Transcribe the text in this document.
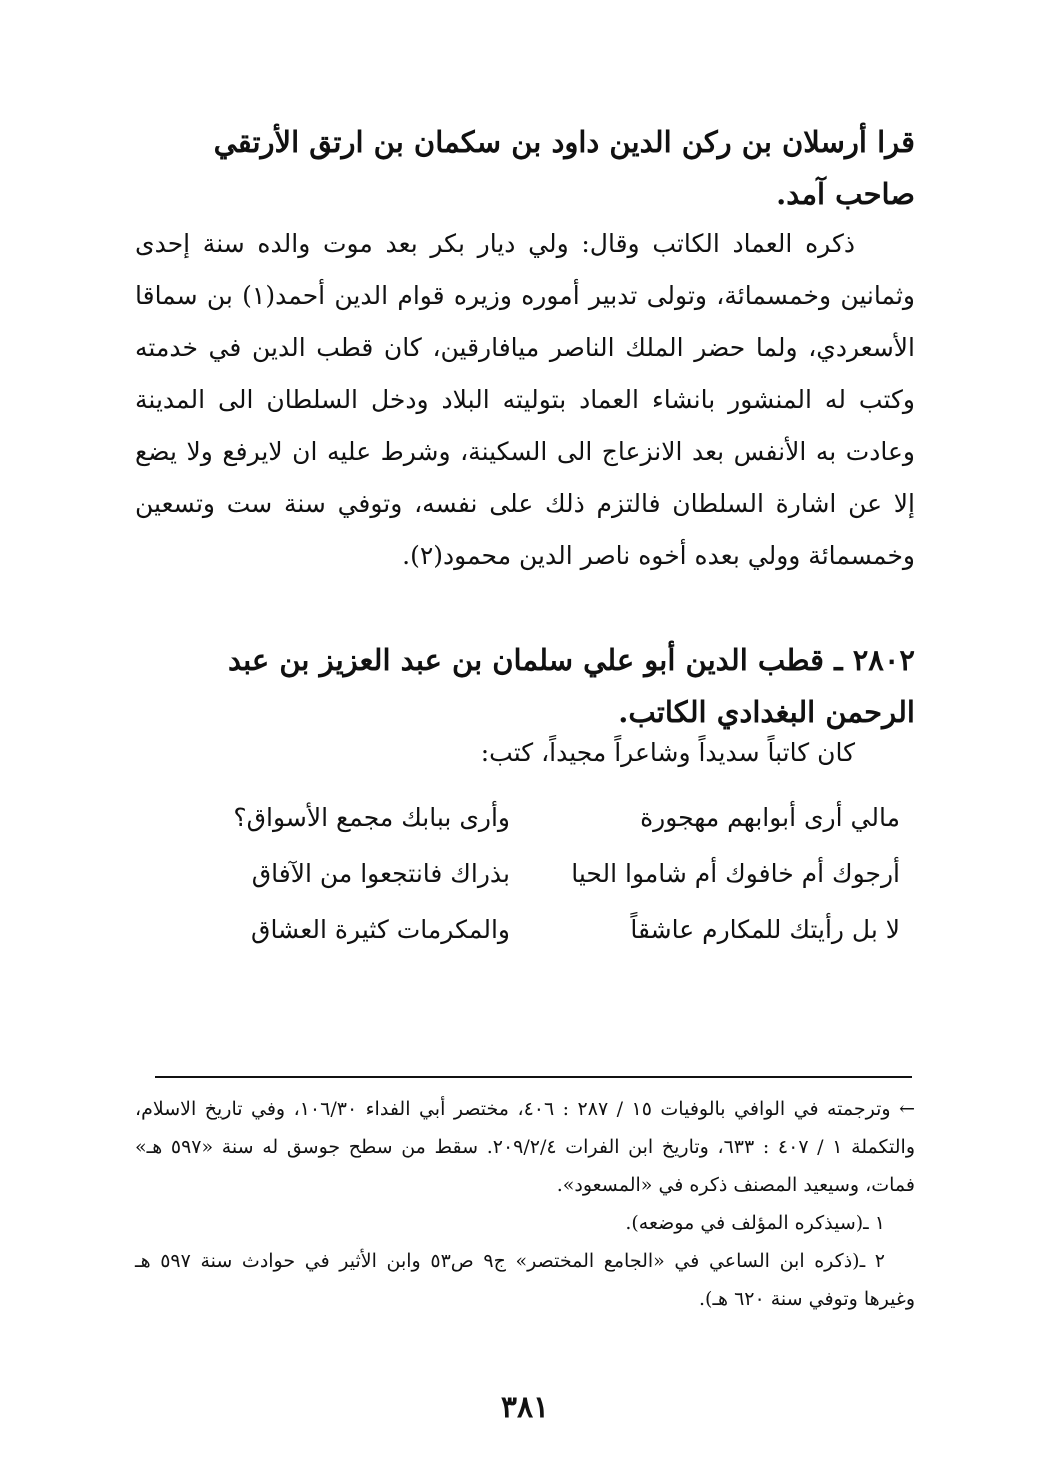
قرا أرسلان بن ركن الدين داود بن سكمان بن ارتق الأرتقي صاحب آمد.

ذكره العماد الكاتب وقال: ولي ديار بكر بعد موت والده سنة إحدى وثمانين وخمسمائة، وتولى تدبير أموره وزيره قوام الدين أحمد(١) بن سماقا الأسعردي، ولما حضر الملك الناصر ميافارقين، كان قطب الدين في خدمته وكتب له المنشور بانشاء العماد بتوليته البلاد ودخل السلطان الى المدينة وعادت به الأنفس بعد الانزعاج الى السكينة، وشرط عليه ان لايرفع ولا يضع إلا عن اشارة السلطان فالتزم ذلك على نفسه، وتوفي سنة ست وتسعين وخمسمائة وولي بعده أخوه ناصر الدين محمود(٢).

٢٨٠٢ ـ قطب الدين أبو علي سلمان بن عبد العزيز بن عبد الرحمن البغدادي الكاتب.
كان كاتباً سديداً وشاعراً مجيداً، كتب:
مالي أرى أبوابهم مهجورة
وأرى ببابك مجمع الأسواق؟
أرجوك أم خافوك أم شاموا الحيا
بذراك فانتجعوا من الآفاق
لا بل رأيتك للمكارم عاشقاً
والمكرمات كثيرة العشاق

← وترجمته في الوافي بالوفيات ١٥ / ٢٨٧ : ٤٠٦، مختصر أبي الفداء ١٠٦/٣٠، وفي تاريخ الاسلام، والتكملة ١ / ٤٠٧ : ٦٣٣، وتاريخ ابن الفرات ٢٠٩/٢/٤. سقط من سطح جوسق له سنة «٥٩٧ هـ» فمات، وسيعيد المصنف ذكره في «المسعود».

١ ـ(سيذكره المؤلف في موضعه).

٢ ـ(ذكره ابن الساعي في «الجامع المختصر» ج٩ ص٥٣ وابن الأثير في حوادث سنة ٥٩٧ هـ وغيرها وتوفي سنة ٦٢٠ هـ).

٣٨١
